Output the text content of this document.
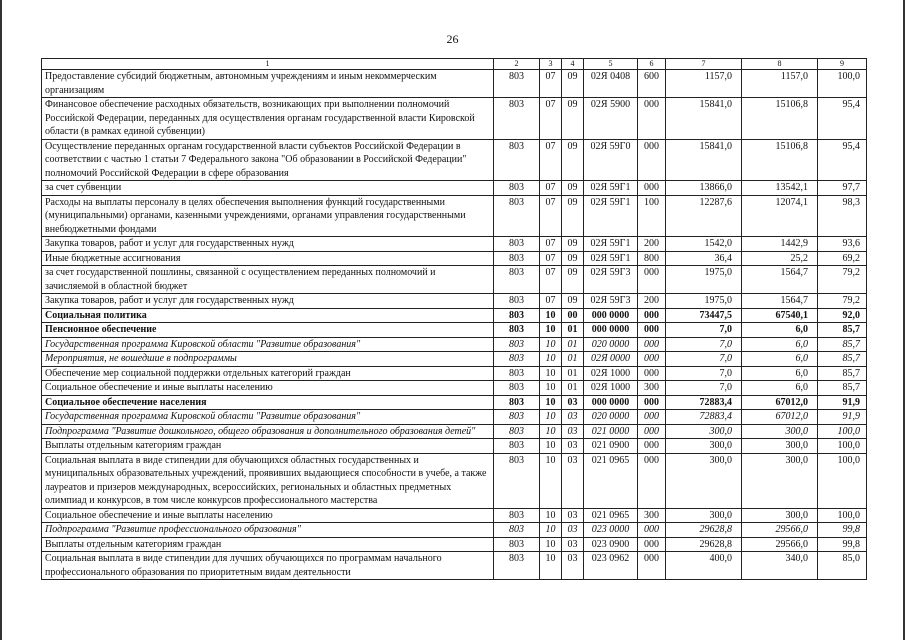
26
1	2	3	4	5	6	7	8	9
Предоставление субсидий бюджетным, автономным учреждениям и иным некоммерческим организациям	803	07	09	02Я 0408	600	1157,0	1157,0	100,0
Финансовое обеспечение расходных обязательств, возникающих при выполнении полномочий Российской Федерации, переданных для осуществления органам государственной власти Кировской области (в рамках единой субвенции)	803	07	09	02Я 5900	000	15841,0	15106,8	95,4
Осуществление переданных органам государственной власти субъектов Российской Федерации в соответствии с частью 1 статьи 7 Федерального закона "Об образовании в Российской Федерации" полномочий Российской Федерации в сфере образования	803	07	09	02Я 59Г0	000	15841,0	15106,8	95,4
за счет субвенции	803	07	09	02Я 59Г1	000	13866,0	13542,1	97,7
Расходы на выплаты персоналу в целях обеспечения выполнения функций государственными (муниципальными) органами, казенными учреждениями, органами управления государственными внебюджетными фондами	803	07	09	02Я 59Г1	100	12287,6	12074,1	98,3
Закупка товаров, работ и услуг для государственных нужд	803	07	09	02Я 59Г1	200	1542,0	1442,9	93,6
Иные бюджетные ассигнования	803	07	09	02Я 59Г1	800	36,4	25,2	69,2
за счет государственной пошлины, связанной с осуществлением переданных полномочий и зачисляемой в областной бюджет	803	07	09	02Я 59Г3	000	1975,0	1564,7	79,2
Закупка товаров, работ и услуг для государственных нужд	803	07	09	02Я 59Г3	200	1975,0	1564,7	79,2
Социальная политика	803	10	00	000 0000	000	73447,5	67540,1	92,0
Пенсионное обеспечение	803	10	01	000 0000	000	7,0	6,0	85,7
Государственная программа Кировской области "Развитие образования"	803	10	01	020 0000	000	7,0	6,0	85,7
Мероприятия, не вошедшие в подпрограммы	803	10	01	02Я 0000	000	7,0	6,0	85,7
Обеспечение мер социальной поддержки отдельных категорий граждан	803	10	01	02Я 1000	000	7,0	6,0	85,7
Социальное обеспечение и иные выплаты населению	803	10	01	02Я 1000	300	7,0	6,0	85,7
Социальное обеспечение населения	803	10	03	000 0000	000	72883,4	67012,0	91,9
Государственная программа Кировской области "Развитие образования"	803	10	03	020 0000	000	72883,4	67012,0	91,9
Подпрограмма "Развитие дошкольного, общего образования и дополнительного образования детей"	803	10	03	021 0000	000	300,0	300,0	100,0
Выплаты отдельным категориям граждан	803	10	03	021 0900	000	300,0	300,0	100,0
Социальная выплата в виде стипендии для обучающихся областных государственных и муниципальных образовательных учреждений, проявивших выдающиеся способности в учебе, а также лауреатов и призеров международных, всероссийских, региональных и областных предметных олимпиад и конкурсов, в том числе конкурсов профессионального мастерства	803	10	03	021 0965	000	300,0	300,0	100,0
Социальное обеспечение и иные выплаты населению	803	10	03	021 0965	300	300,0	300,0	100,0
Подпрограмма "Развитие профессионального образования"	803	10	03	023 0000	000	29628,8	29566,0	99,8
Выплаты отдельным категориям граждан	803	10	03	023 0900	000	29628,8	29566,0	99,8
Социальная выплата в виде стипендии для лучших обучающихся по программам начального профессионального образования по приоритетным видам деятельности	803	10	03	023 0962	000	400,0	340,0	85,0
